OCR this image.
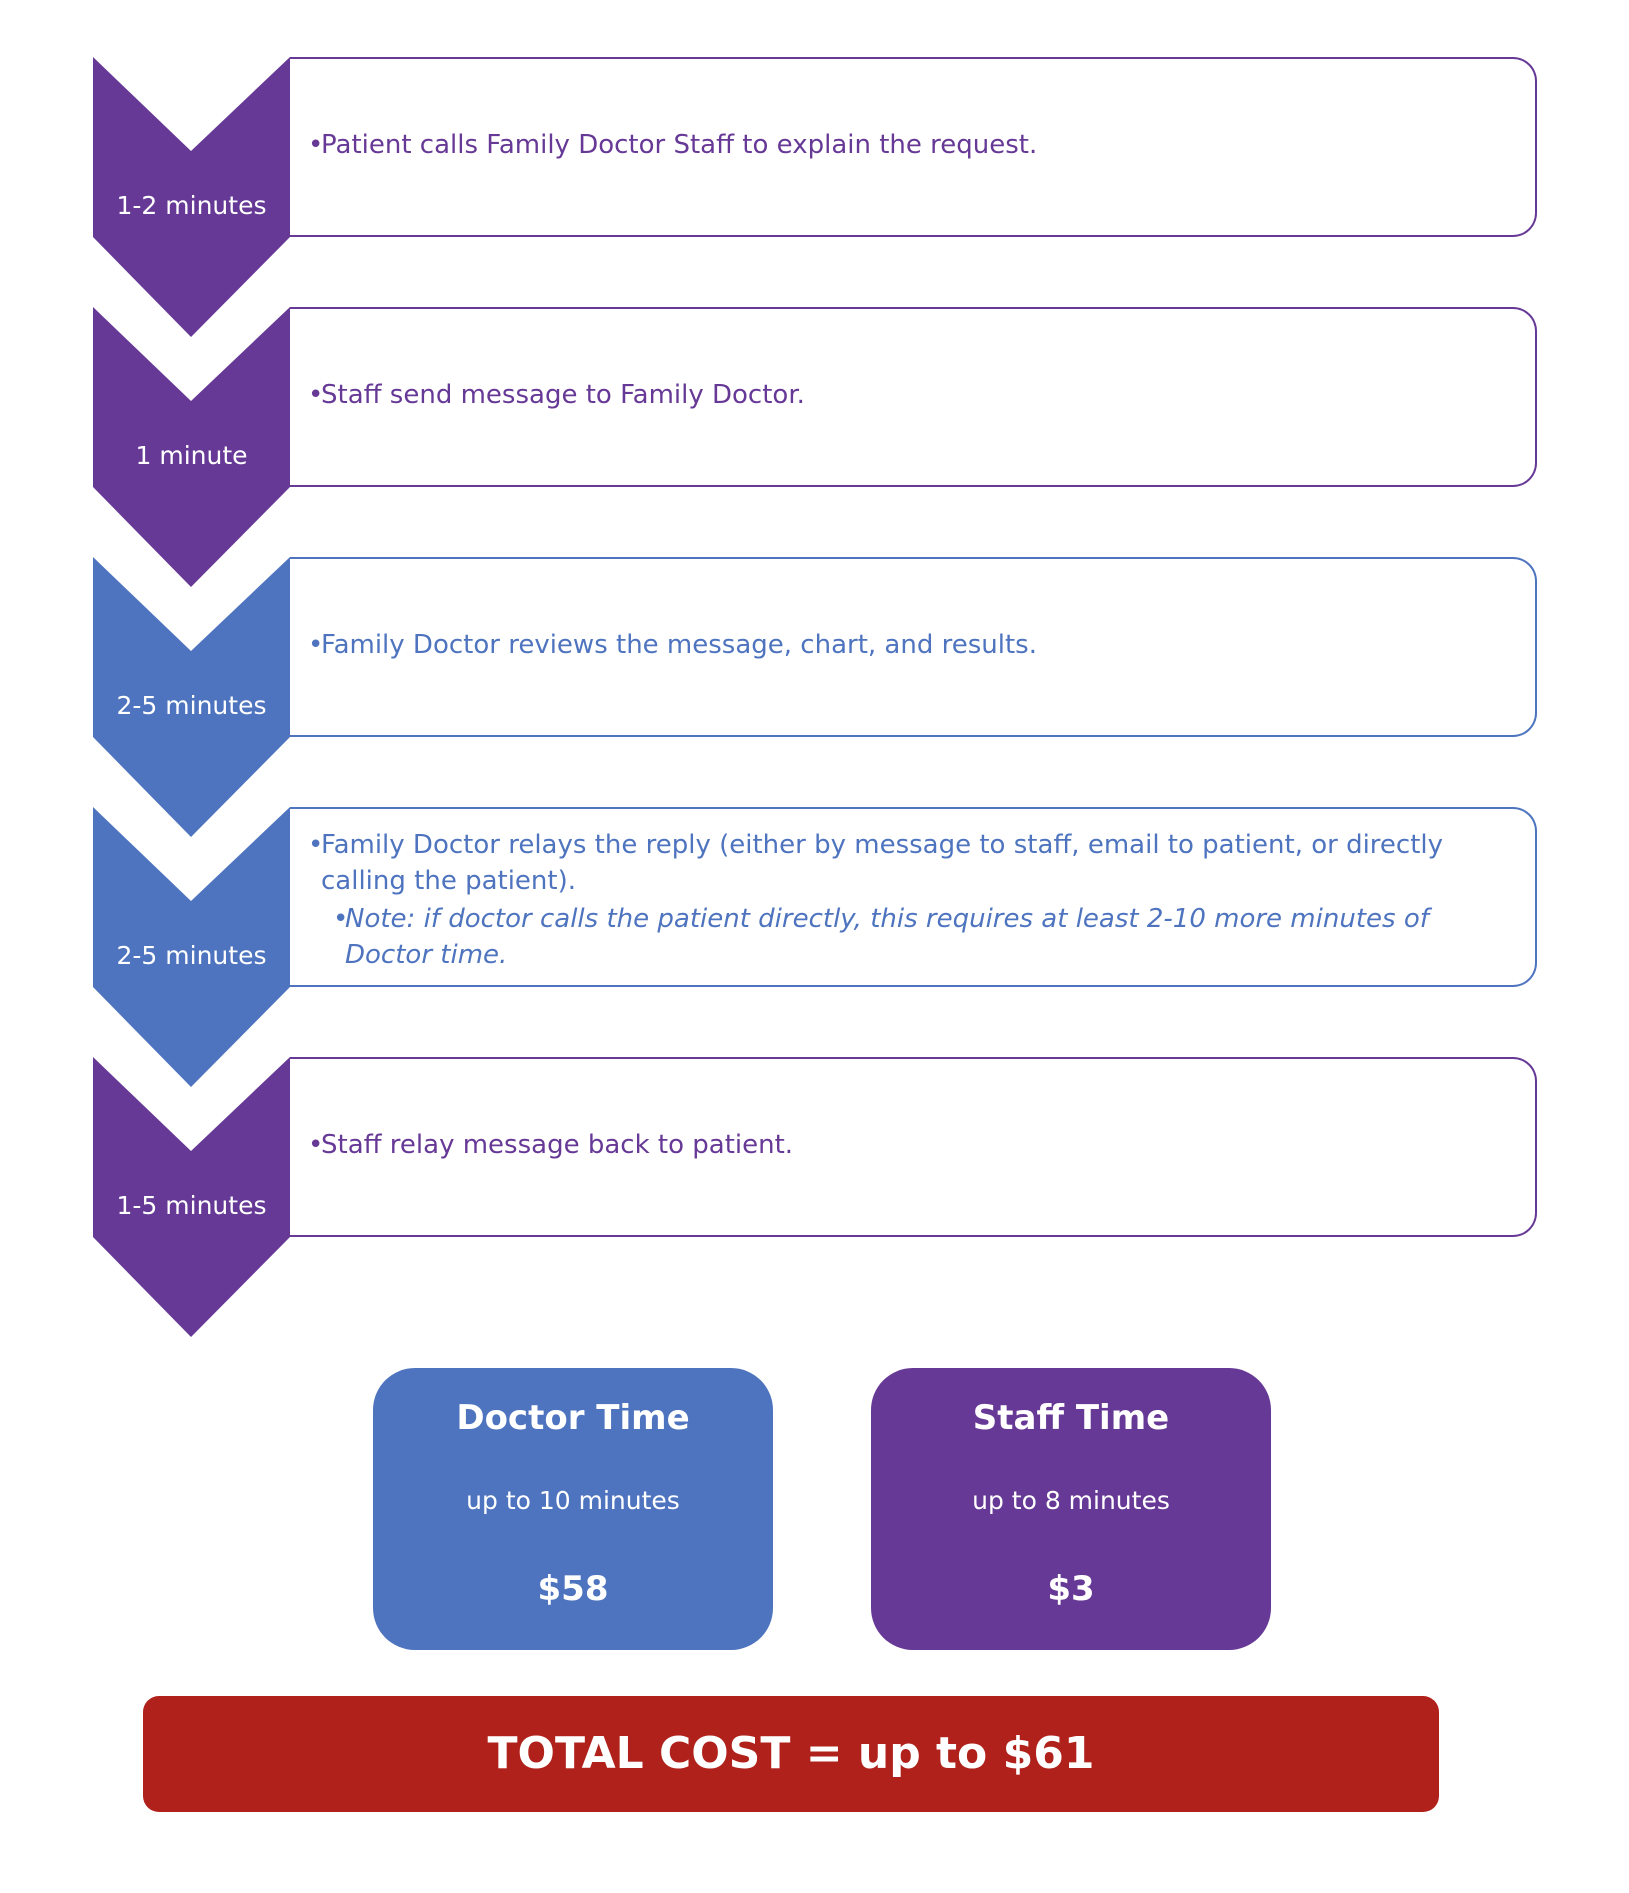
1-2 minutes
• Patient calls Family Doctor Staff to explain the request.
1 minute
• Staff send message to Family Doctor.
2-5 minutes
• Family Doctor reviews the message, chart, and results.
2-5 minutes
• Family Doctor relays the reply (either by message to staff, email to patient, or directly calling the patient).
• Note: if doctor calls the patient directly, this requires at least 2-10 more minutes of Doctor time.
1-5 minutes
• Staff relay message back to patient.
Doctor Time
up to 10 minutes
$58
Staff Time
up to 8 minutes
$3
TOTAL COST = up to $61
